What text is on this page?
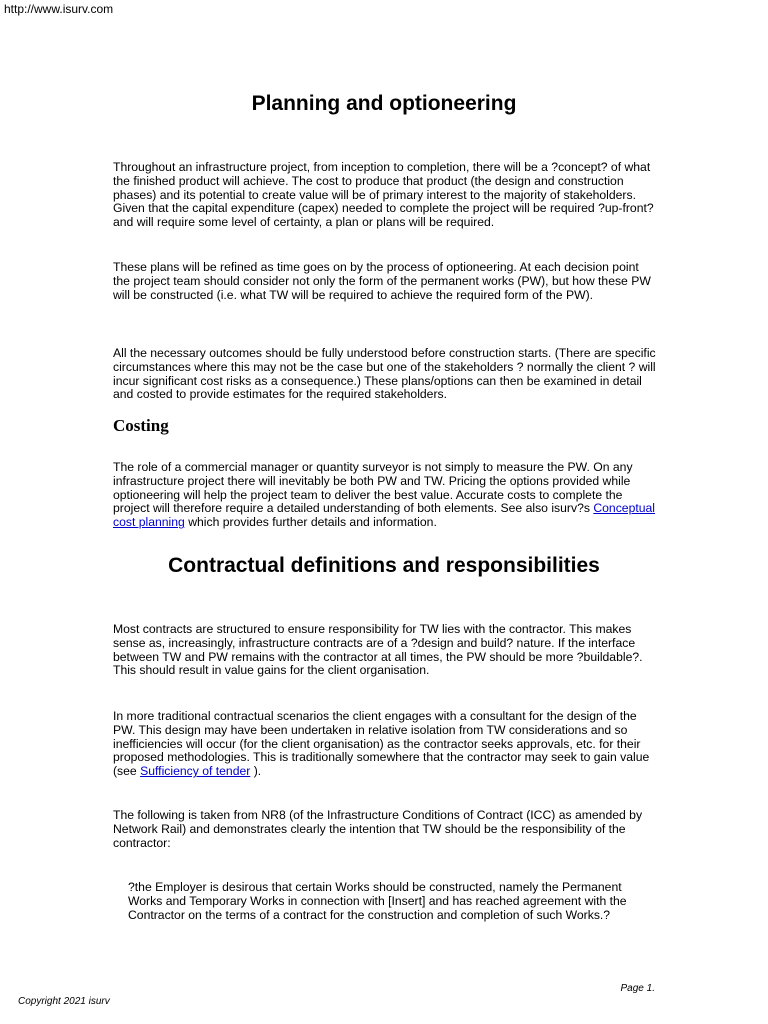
http://www.isurv.com
Planning and optioneering

Throughout an infrastructure project, from inception to completion, there will be a ?concept? of what the finished product will achieve. The cost to produce that product (the design and construction phases) and its potential to create value will be of primary interest to the majority of stakeholders. Given that the capital expenditure (capex) needed to complete the project will be required ?up-front? and will require some level of certainty, a plan or plans will be required.

These plans will be refined as time goes on by the process of optioneering. At each decision point the project team should consider not only the form of the permanent works (PW), but how these PW will be constructed (i.e. what TW will be required to achieve the required form of the PW).

All the necessary outcomes should be fully understood before construction starts. (There are specific circumstances where this may not be the case but one of the stakeholders ? normally the client ? will incur significant cost risks as a consequence.) These plans/options can then be examined in detail and costed to provide estimates for the required stakeholders.

Costing

The role of a commercial manager or quantity surveyor is not simply to measure the PW. On any infrastructure project there will inevitably be both PW and TW. Pricing the options provided while optioneering will help the project team to deliver the best value. Accurate costs to complete the project will therefore require a detailed understanding of both elements. See also isurv?s Conceptual cost planning which provides further details and information.

Contractual definitions and responsibilities

Most contracts are structured to ensure responsibility for TW lies with the contractor. This makes sense as, increasingly, infrastructure contracts are of a ?design and build? nature. If the interface between TW and PW remains with the contractor at all times, the PW should be more ?buildable?. This should result in value gains for the client organisation.

In more traditional contractual scenarios the client engages with a consultant for the design of the PW. This design may have been undertaken in relative isolation from TW considerations and so inefficiencies will occur (for the client organisation) as the contractor seeks approvals, etc. for their proposed methodologies. This is traditionally somewhere that the contractor may seek to gain value (see Sufficiency of tender ).

The following is taken from NR8 (of the Infrastructure Conditions of Contract (ICC) as amended by Network Rail) and demonstrates clearly the intention that TW should be the responsibility of the contractor:

?the Employer is desirous that certain Works should be constructed, namely the Permanent Works and Temporary Works in connection with [Insert] and has reached agreement with the Contractor on the terms of a contract for the construction and completion of such Works.?

Page 1.
Copyright 2021 isurv
